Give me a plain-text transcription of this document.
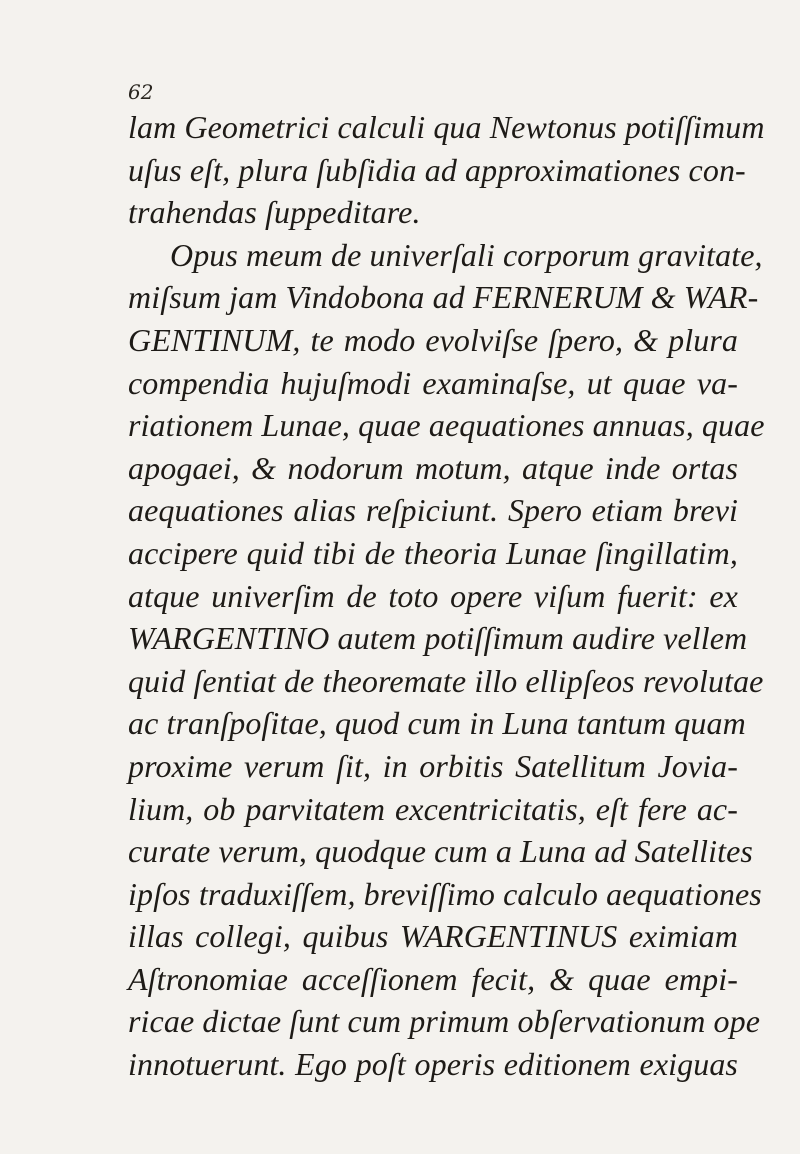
62
lam Geometrici calculi qua Newtonus potiſſimum
uſus eſt, plura ſubſidia ad approximationes con-
trahendas ſuppeditare.
Opus meum de univerſali corporum gravitate,
miſsum jam Vindobona ad FERNERUM & WAR-
GENTINUM, te modo evolviſse ſpero, & plura
compendia hujuſmodi examinaſse, ut quae va-
riationem Lunae, quae aequationes annuas, quae
apogaei, & nodorum motum, atque inde ortas
aequationes alias reſpiciunt. Spero etiam brevi
accipere quid tibi de theoria Lunae ſingillatim,
atque univerſim de toto opere viſum fuerit: ex
WARGENTINO autem potiſſimum audire vellem
quid ſentiat de theoremate illo ellipſeos revolutae
ac tranſpoſitae, quod cum in Luna tantum quam
proxime verum ſit, in orbitis Satellitum Jovia-
lium, ob parvitatem excentricitatis, eſt fere ac-
curate verum, quodque cum a Luna ad Satellites
ipſos traduxiſſem, breviſſimo calculo aequationes
illas collegi, quibus WARGENTINUS eximiam
Aſtronomiae acceſſionem fecit, & quae empi-
ricae dictae ſunt cum primum obſervationum ope
innotuerunt. Ego poſt operis editionem exiguas
